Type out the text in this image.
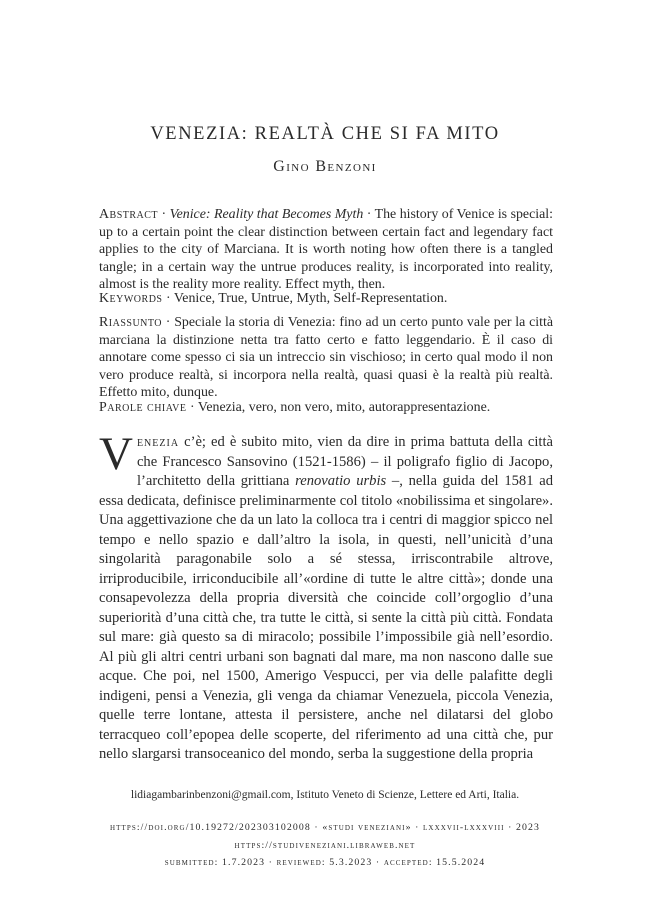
VENEZIA: REALTÀ CHE SI FA MITO
Gino Benzoni
Abstract · Venice: Reality that Becomes Myth · The history of Venice is special: up to a certain point the clear distinction between certain fact and legendary fact applies to the city of Marciana. It is worth noting how often there is a tangled tangle; in a certain way the untrue produces reality, is incorporated into reality, almost is the reality more reality. Effect myth, then.
Keywords · Venice, True, Untrue, Myth, Self-Representation.
Riassunto · Speciale la storia di Venezia: fino ad un certo punto vale per la città marciana la distinzione netta tra fatto certo e fatto leggendario. È il caso di annotare come spesso ci sia un intreccio sin vischioso; in certo qual modo il non vero produce realtà, si incorpora nella realtà, quasi quasi è la realtà più realtà. Effetto mito, dunque.
Parole chiave · Venezia, vero, non vero, mito, autorappresentazione.
Venezia c’è; ed è subito mito, vien da dire in prima battuta della città che Francesco Sansovino (1521-1586) – il poligrafo figlio di Jacopo, l’architetto della grittiana renovatio urbis –, nella guida del 1581 ad essa dedicata, definisce preliminarmente col titolo «nobilissima et singolare». Una aggettivazione che da un lato la colloca tra i centri di maggior spicco nel tempo e nello spazio e dall’altro la isola, in questi, nell’unicità d’una singolarità paragonabile solo a sé stessa, irriscontrabile altrove, irriproducibile, irriconducibile all’«ordine di tutte le altre città»; donde una consapevolezza della propria diversità che coincide coll’orgoglio d’una superiorità d’una città che, tra tutte le città, si sente la città più città. Fondata sul mare: già questo sa di miracolo; possibile l’impossibile già nell’esordio. Al più gli altri centri urbani son bagnati dal mare, ma non nascono dalle sue acque. Che poi, nel 1500, Amerigo Vespucci, per via delle palafitte degli indigeni, pensi a Venezia, gli venga da chiamar Venezuela, piccola Venezia, quelle terre lontane, attesta il persistere, anche nel dilatarsi del globo terracqueo coll’epopea delle scoperte, del riferimento ad una città che, pur nello slargarsi transoceanico del mondo, serba la suggestione della propria
lidiagambarinbenzoni@gmail.com, Istituto Veneto di Scienze, Lettere ed Arti, Italia.
https://doi.org/10.19272/202303102008 · «studi veneziani» · lxxxvii-lxxxviii · 2023
https://studiveneziani.libraweb.net
submitted: 1.7.2023 · reviewed: 5.3.2023 · accepted: 15.5.2024
